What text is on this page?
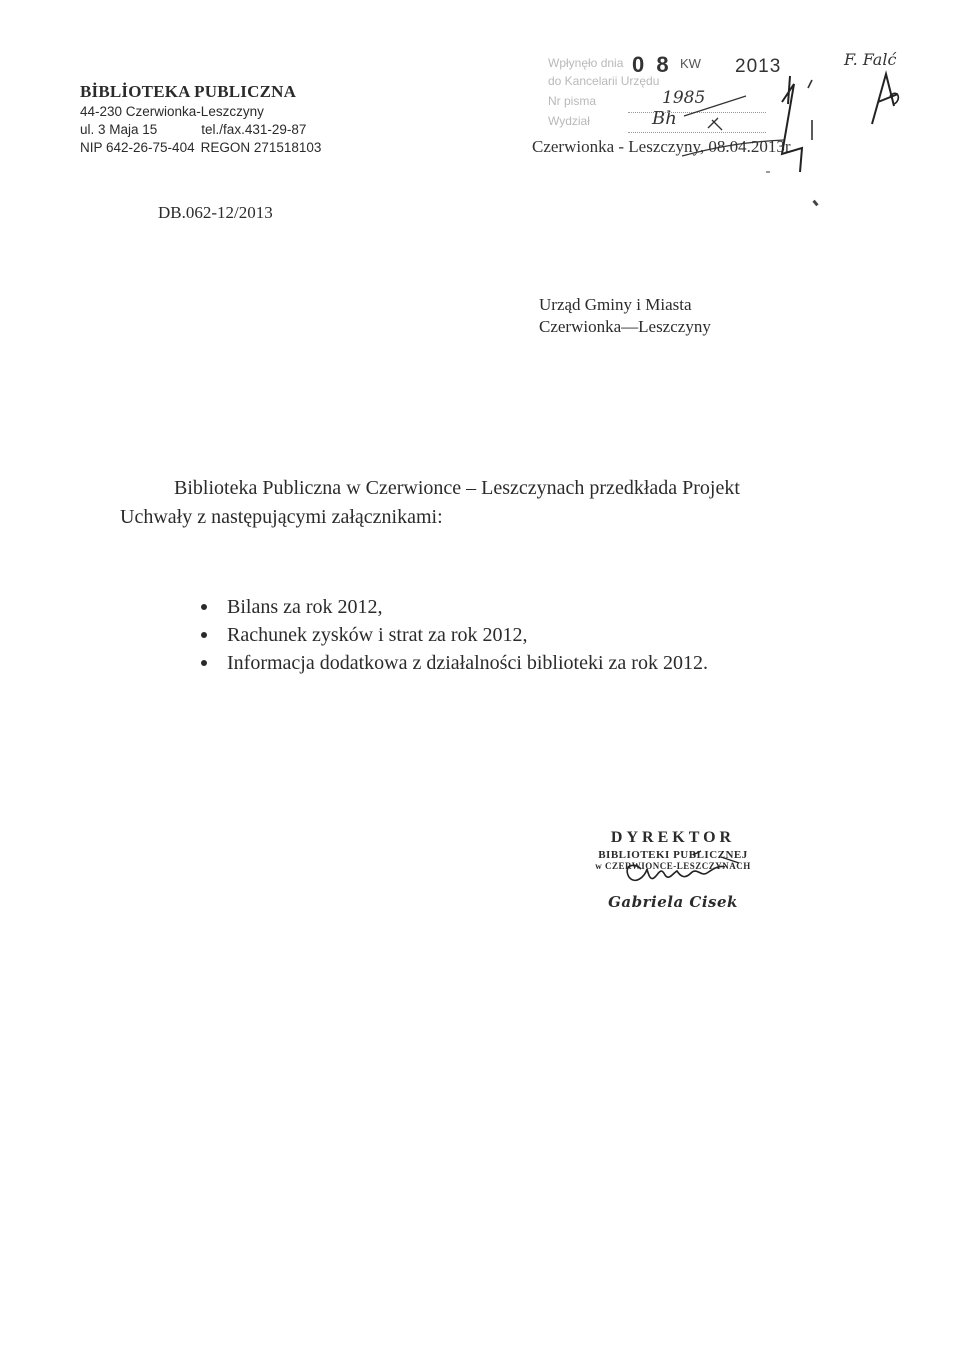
BİBLİOTEKA PUBLICZNA
44-230 Czerwionka-Leszczyny
ul. 3 Maja 15	tel./fax.431-29-87
NIP 642-26-75-404 REGON 271518103
Wpłynęło dnia
do Kancelarii Urzędu
Nr pisma
Wydział
0 8 KW 2013
1985
Bh
Czerwionka - Leszczyny, 08.04.2013r.
F. Falć
DB.062-12/2013
Urząd Gminy i Miasta
Czerwionka—Leszczyny
Biblioteka Publiczna w Czerwionce – Leszczynach przedkłada Projekt
Uchwały z następującymi załącznikami:
Bilans za rok 2012,
Rachunek zysków i strat za rok 2012,
Informacja dodatkowa z działalności biblioteki za rok 2012.
DYREKTOR
BIBLIOTEKI PUBLICZNEJ
w CZERWIONCE-LESZCZYNACH
Gabriela Cisek
